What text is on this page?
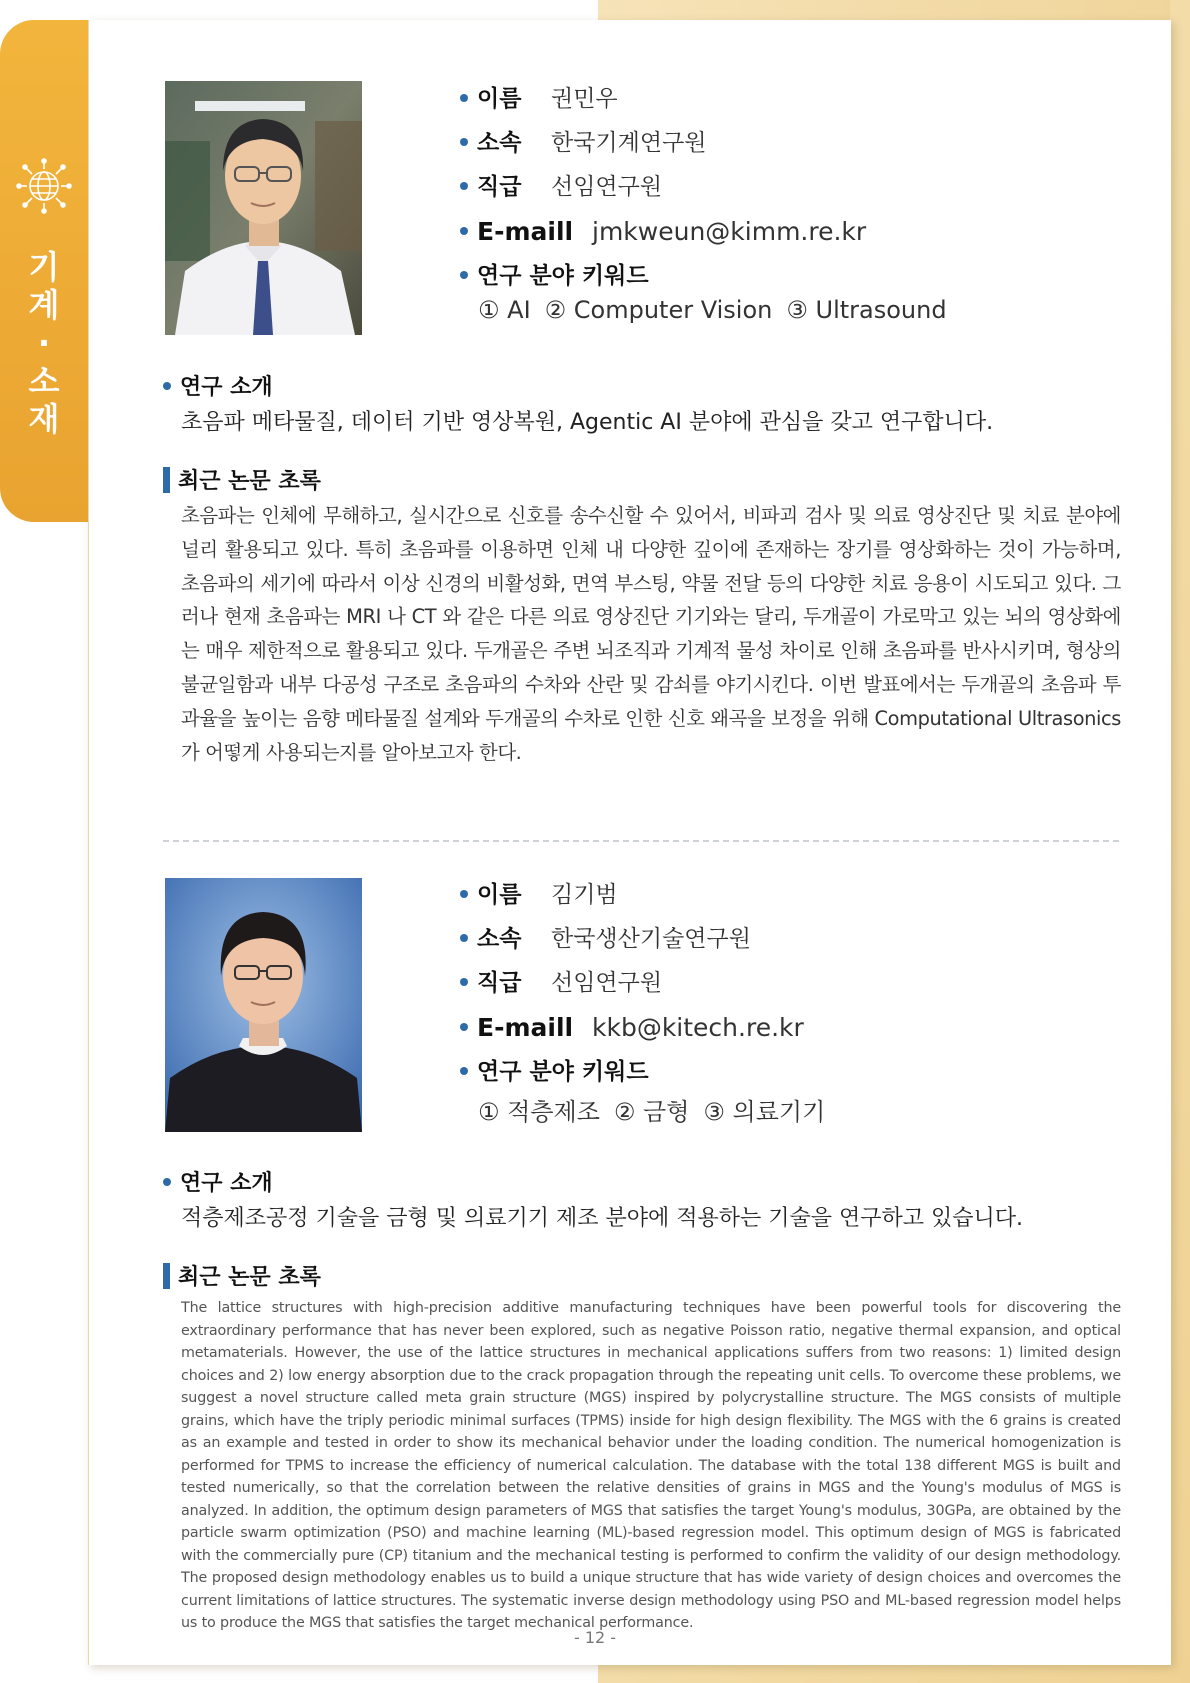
기
계
·
소
재
이름 권민우
소속 한국기계연구원
직급 선임연구원
E-maill jmkweun@kimm.re.kr
연구 분야 키워드
① AI ② Computer Vision ③ Ultrasound
연구 소개
초음파 메타물질, 데이터 기반 영상복원, Agentic AI 분야에 관심을 갖고 연구합니다.
최근 논문 초록
초음파는 인체에 무해하고, 실시간으로 신호를 송수신할 수 있어서, 비파괴 검사 및 의료 영상진단 및 치료 분야에 널리 활용되고 있다. 특히 초음파를 이용하면 인체 내 다양한 깊이에 존재하는 장기를 영상화하는 것이 가능하며, 초음파의 세기에 따라서 이상 신경의 비활성화, 면역 부스팅, 약물 전달 등의 다양한 치료 응용이 시도되고 있다. 그러나 현재 초음파는 MRI 나 CT 와 같은 다른 의료 영상진단 기기와는 달리, 두개골이 가로막고 있는 뇌의 영상화에는 매우 제한적으로 활용되고 있다. 두개골은 주변 뇌조직과 기계적 물성 차이로 인해 초음파를 반사시키며, 형상의 불균일함과 내부 다공성 구조로 초음파의 수차와 산란 및 감쇠를 야기시킨다. 이번 발표에서는 두개골의 초음파 투과율을 높이는 음향 메타물질 설계와 두개골의 수차로 인한 신호 왜곡을 보정을 위해 Computational Ultrasonics 가 어떻게 사용되는지를 알아보고자 한다.
이름 김기범
소속 한국생산기술연구원
직급 선임연구원
E-maill kkb@kitech.re.kr
연구 분야 키워드
① 적층제조 ② 금형 ③ 의료기기
연구 소개
적층제조공정 기술을 금형 및 의료기기 제조 분야에 적용하는 기술을 연구하고 있습니다.
최근 논문 초록
The lattice structures with high-precision additive manufacturing techniques have been powerful tools for discovering the extraordinary performance that has never been explored, such as negative Poisson ratio, negative thermal expansion, and optical metamaterials. However, the use of the lattice structures in mechanical applications suffers from two reasons: 1) limited design choices and 2) low energy absorption due to the crack propagation through the repeating unit cells. To overcome these problems, we suggest a novel structure called meta grain structure (MGS) inspired by polycrystalline structure. The MGS consists of multiple grains, which have the triply periodic minimal surfaces (TPMS) inside for high design flexibility. The MGS with the 6 grains is created as an example and tested in order to show its mechanical behavior under the loading condition. The numerical homogenization is performed for TPMS to increase the efficiency of numerical calculation. The database with the total 138 different MGS is built and tested numerically, so that the correlation between the relative densities of grains in MGS and the Young's modulus of MGS is analyzed. In addition, the optimum design parameters of MGS that satisfies the target Young's modulus, 30GPa, are obtained by the particle swarm optimization (PSO) and machine learning (ML)-based regression model. This optimum design of MGS is fabricated with the commercially pure (CP) titanium and the mechanical testing is performed to confirm the validity of our design methodology. The proposed design methodology enables us to build a unique structure that has wide variety of design choices and overcomes the current limitations of lattice structures. The systematic inverse design methodology using PSO and ML-based regression model helps us to produce the MGS that satisfies the target mechanical performance.
- 12 -
